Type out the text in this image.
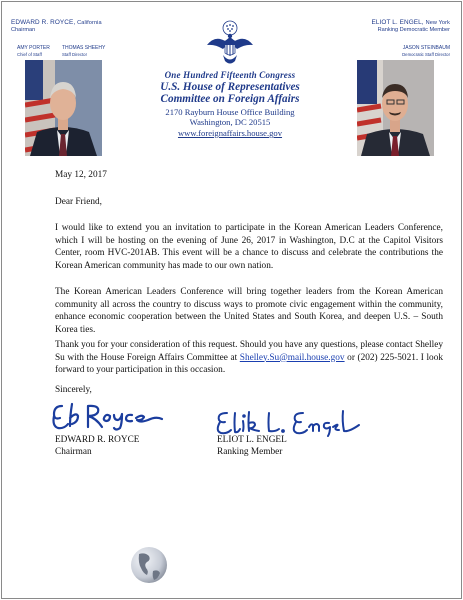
EDWARD R. ROYCE, California
Chairman
AMY PORTER
Chief of Staff
THOMAS SHEEHY
Staff Director
ELIOT L. ENGEL, New York
Ranking Democratic Member
JASON STEINBAUM
Democratic Staff Director
One Hundred Fifteenth Congress
U.S. House of Representatives
Committee on Foreign Affairs
2170 Rayburn House Office Building
Washington, DC 20515
www.foreignaffairs.house.gov
May 12, 2017
Dear Friend,
I would like to extend you an invitation to participate in the Korean American Leaders Conference, which I will be hosting on the evening of June 26, 2017 in Washington, D.C at the Capitol Visitors Center, room HVC-201AB. This event will be a chance to discuss and celebrate the contributions the Korean American community has made to our own nation.
The Korean American Leaders Conference will bring together leaders from the Korean American community all across the country to discuss ways to promote civic engagement within the community, enhance economic cooperation between the United States and South Korea, and deepen U.S. – South Korea ties.
Thank you for your consideration of this request. Should you have any questions, please contact Shelley Su with the House Foreign Affairs Committee at Shelley.Su@mail.house.gov or (202) 225-5021. I look forward to your participation in this occasion.
Sincerely,
EDWARD R. ROYCE
Chairman
ELIOT L. ENGEL
Ranking Member
